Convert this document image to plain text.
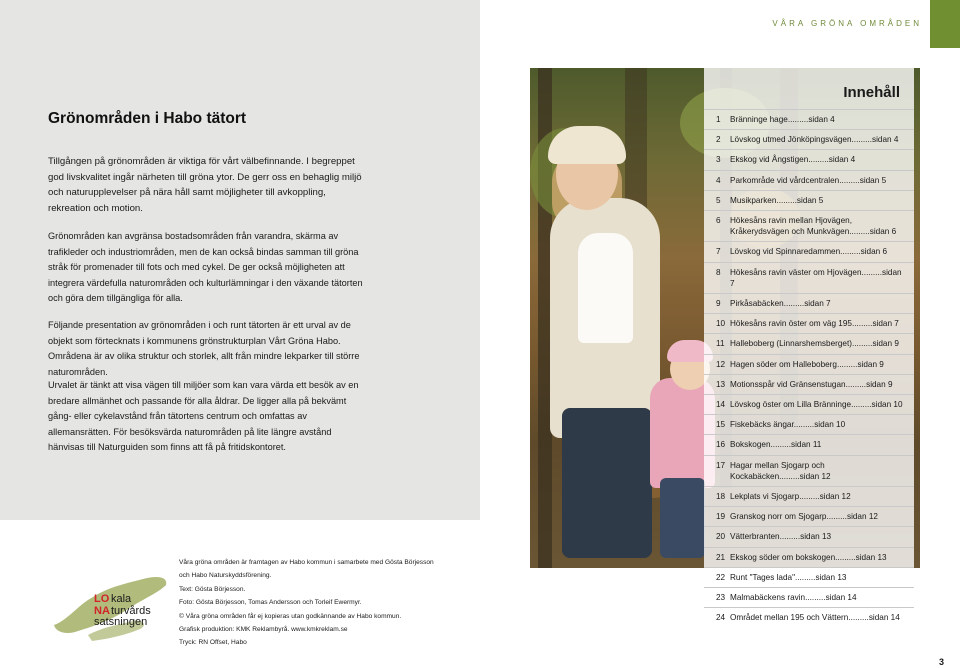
VÅRA GRÖNA OMRÅDEN
Grönområden i Habo tätort

Tillgången på grönområden är viktiga för vårt välbefinnande. I begreppet god livskvalitet ingår närheten till gröna ytor. De gerr oss en behaglig miljö och naturupplevelser på nära håll samt möjligheter till avkoppling, rekreation och motion.

Grönområden kan avgränsa bostadsområden från varandra, skärma av trafikleder och industriområden, men de kan också bindas samman till gröna stråk för promenader till fots och med cykel. De ger också möjligheten att integrera värdefulla naturområden och kulturlämningar i den växande tätorten och göra dem tillgängliga för alla.

Följande presentation av grönområden i och runt tätorten är ett urval av de objekt som förtecknats i kommunens grönstrukturplan Vårt Gröna Habo. Områdena är av olika struktur och storlek, allt från mindre lekparker till större naturområden.

Urvalet är tänkt att visa vägen till miljöer som kan vara värda ett besök av en bredare allmänhet och passande för alla åldrar. De ligger alla på bekvämt gång- eller cykelavstånd från tätortens centrum och omfattas av allemansrätten. För besöksvärda naturområden på lite längre avstånd hänvisas till Naturguiden som finns att få på fritidskontoret.

Innehåll
1 Bränninge hage.........sidan 4
2 Lövskog utmed Jönköpingsvägen.........sidan 4
3 Ekskog vid Ångstigen.........sidan 4
4 Parkområde vid vårdcentralen.........sidan 5
5 Musikparken.........sidan 5
6 Hökesåns ravin mellan Hjovägen, Kråkerydsvägen och Munkvägen.........sidan 6
7 Lövskog vid Spinnaredammen.........sidan 6
8 Hökesåns ravin väster om Hjovägen.........sidan 7
9 Pirkåsabäcken.........sidan 7
10 Hökesåns ravin öster om väg 195.........sidan 7
11 Halleboberg (Linnarshemsberget).........sidan 9
12 Hagen söder om Halleboberg.........sidan 9
13 Motionsspår vid Gränsenstugan.........sidan 9
14 Lövskog öster om Lilla Bränninge.........sidan 10
15 Fiskebäcks ängar.........sidan 10
16 Bokskogen.........sidan 11
17 Hagar mellan Sjogarp och Kockabäcken.........sidan 12
18 Lekplats vi Sjogarp.........sidan 12
19 Granskog norr om Sjogarp.........sidan 12
20 Vätterbranten.........sidan 13
21 Ekskog söder om bokskogen.........sidan 13
22 Runt "Tages lada".........sidan 13
23 Malmabäckens ravin.........sidan 14
24 Området mellan 195 och Vättern.........sidan 14
LO kala
NA turvårds
satsningen
Våra gröna områden är framtagen av Habo kommun i samarbete med Gösta Börjesson
och Habo Naturskyddsförening.
Text: Gösta Börjesson.
Foto: Gösta Börjesson, Tomas Andersson och Torleif Ewermyr.
© Våra gröna områden får ej kopieras utan godkännande av Habo kommun.
Grafisk produktion: KMK Reklambyrå. www.kmkreklam.se
Tryck: RN Offset, Habo
3
